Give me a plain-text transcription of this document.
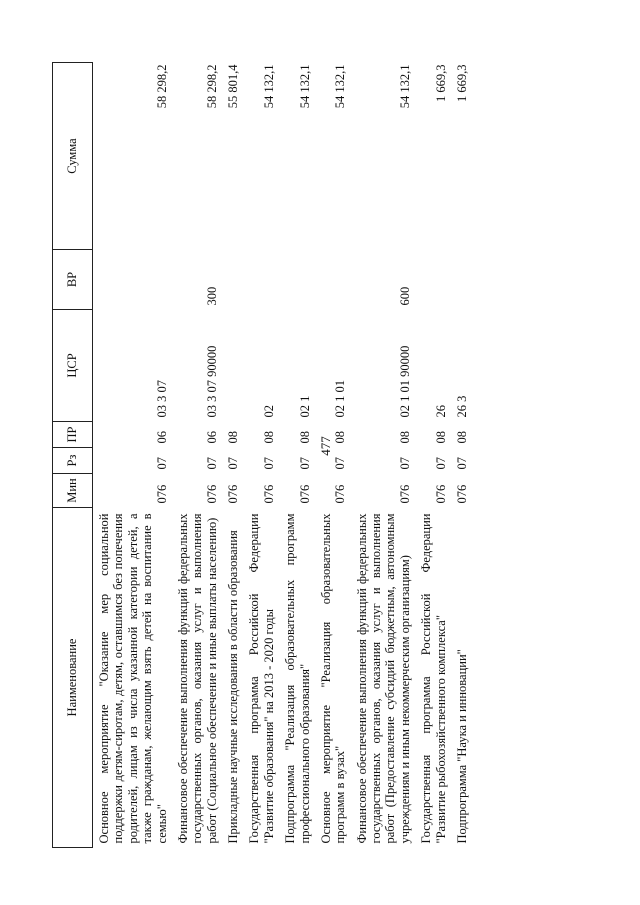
477
Наименование	Мин	Рз	ПР	ЦСР	ВР	Сумма
Основное мероприятие "Оказание мер социальной поддержки детям-сиротам, детям, оставшимся без попечения родителей, лицам из числа указанной категории детей, а также гражданам, желающим взять детей на воспитание в семью"	076	07	06	03 3 07		58 298,2
Финансовое обеспечение выполнения функций федеральных государственных органов, оказания услуг и выполнения работ (Социальное обеспечение и иные выплаты населению)	076	07	06	03 3 07 90000	300	58 298,2
Прикладные научные исследования в области образования	076	07	08			55 801,4
Государственная программа Российской Федерации "Развитие образования" на 2013 - 2020 годы	076	07	08	02		54 132,1
Подпрограмма "Реализация образовательных программ профессионального образования"	076	07	08	02 1		54 132,1
Основное мероприятие "Реализация образовательных программ в вузах"	076	07	08	02 1 01		54 132,1
Финансовое обеспечение выполнения функций федеральных государственных органов, оказания услуг и выполнения работ (Предоставление субсидий бюджетным, автономным учреждениям и иным некоммерческим организациям)	076	07	08	02 1 01 90000	600	54 132,1
Государственная программа Российской Федерации "Развитие рыбохозяйственного комплекса"	076	07	08	26		1 669,3
Подпрограмма "Наука и инновации"	076	07	08	26 3		1 669,3
